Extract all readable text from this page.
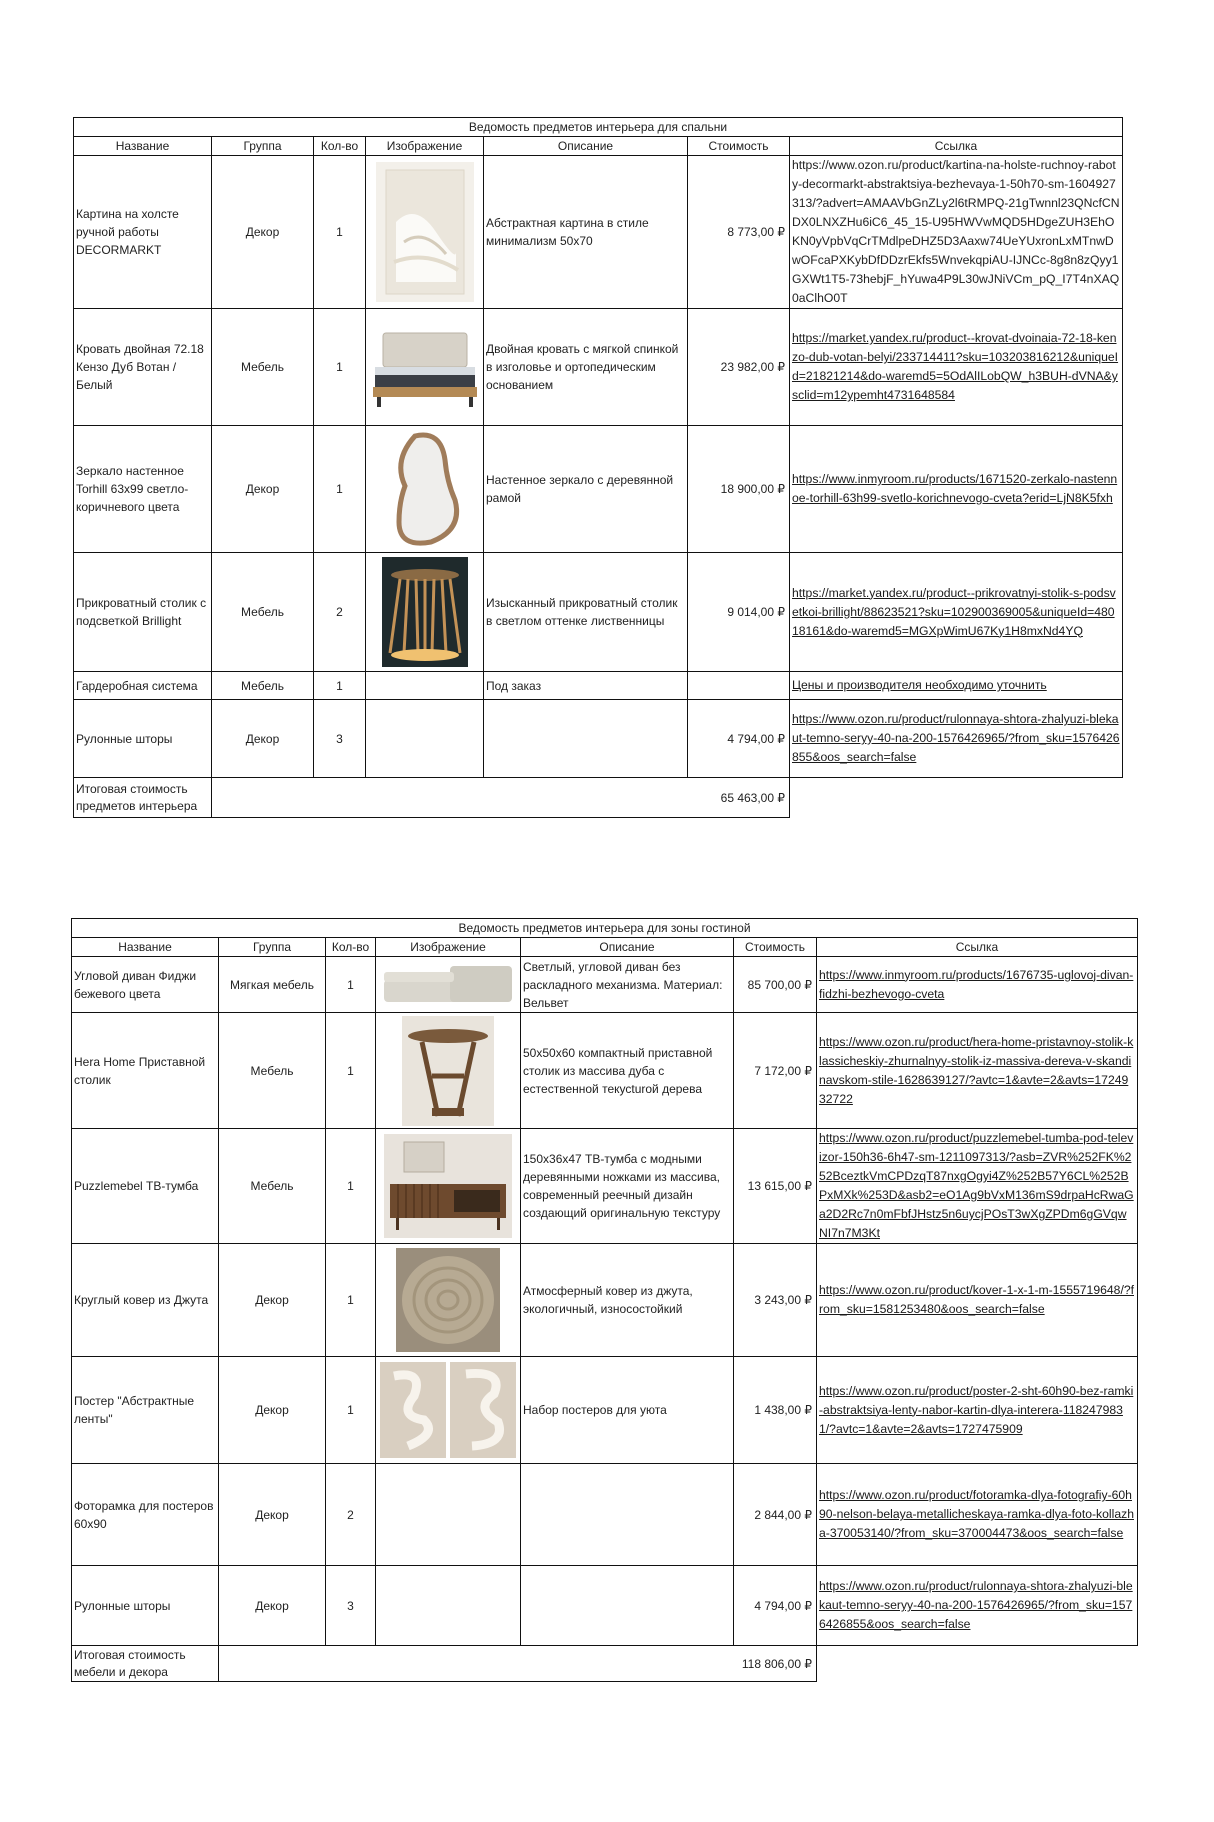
Ведомость предметов интерьера для спальни						
Название	Группа	Кол-во	Изображение	Описание	Стоимость	Ссылка
Картина на холсте ручной работы DECORMARKT	Декор	1		Абстрактная картина в стиле минимализм 50x70	8 773,00 ₽	https://www.ozon.ru/product/kartina-na-holste-ruchnoy-raboty-decormarkt-abstraktsiya-bezhevaya-1-50h70-sm-1604927313/?advert=AMAAVbGnZLy2l6tRMPQ-21gTwnnl23QNcfCNDX0LNXZHu6iC6_45_15-U95HWVwMQD5HDgeZUH3EhOKN0yVpbVqCrTMdlpeDHZ5D3Aaxw74UeYUxronLxMTnwDwOFcaPXKybDfDDzrEkfs5WnvekqpiAU-IJNCc-8g8n8zQyy1GXWt1T5-73hebjF_hYuwa4P9L30wJNiVCm_pQ_I7T4nXAQ0aClhO0T
Кровать двойная 72.18 Кензо Дуб Вотан / Белый	Мебель	1		Двойная кровать с мягкой спинкой в изголовье и ортопедическим основанием	23 982,00 ₽	https://market.yandex.ru/product--krovat-dvoinaia-72-18-kenzo-dub-votan-belyi/233714411?sku=103203816212&uniqueId=21821214&do-waremd5=5OdAlILobQW_h3BUH-dVNA&ysclid=m12ypemht4731648584
Зеркало настенное Torhill 63x99 светло-коричневого цвета	Декор	1		Настенное зеркало с деревянной рамой	18 900,00 ₽	https://www.inmyroom.ru/products/1671520-zerkalo-nastennoe-torhill-63h99-svetlo-korichnevogo-cveta?erid=LjN8K5fxh
Прикроватный столик с подсветкой Brillight	Мебель	2		Изысканный прикроватный столик в светлом оттенке лиственницы	9 014,00 ₽	https://market.yandex.ru/product--prikrovatnyi-stolik-s-podsvetkoi-brillight/88623521?sku=102900369005&uniqueId=48018161&do-waremd5=MGXpWimU67Ky1H8mxNd4YQ
Гардеробная система	Мебель	1		Под заказ		Цены и производителя необходимо уточнить
Рулонные шторы	Декор	3			4 794,00 ₽	https://www.ozon.ru/product/rulonnaya-shtora-zhalyuzi-blekaut-temno-seryy-40-na-200-1576426965/?from_sku=1576426855&oos_search=false
Итоговая стоимость предметов интерьера	65 463,00 ₽					
Ведомость предметов интерьера для зоны гостиной						
Название	Группа	Кол-во	Изображение	Описание	Стоимость	Ссылка
Угловой диван Фиджи бежевого цвета	Мягкая мебель	1		Светлый, угловой диван без раскладного механизма. Материал: Вельвет	85 700,00 ₽	https://www.inmyroom.ru/products/1676735-uglovoj-divan-fidzhi-bezhevogo-cveta
Hera Home Приставной столик	Мебель	1		50x50x60 компактный приставной столик из массива дуба с естественной текусturой дерева	7 172,00 ₽	https://www.ozon.ru/product/hera-home-pristavnoy-stolik-klassicheskiy-zhurnalnyy-stolik-iz-massiva-dereva-v-skandinavskom-stile-1628639127/?avtc=1&avte=2&avts=1724932722
Puzzlemebel ТВ-тумба	Мебель	1		150x36x47 ТВ-тумба с модными деревянными ножками из массива, современный реечный дизайн создающий оригинальную текстуру	13 615,00 ₽	https://www.ozon.ru/product/puzzlemebel-tumba-pod-televizor-150h36-6h47-sm-1211097313/?asb=ZVR%252FK%252BceztkVmCPDzqT87nxgOgyi4Z%252B57Y6CL%252BPxMXk%253D&asb2=eO1Ag9bVxM136mS9drpaHcRwaGa2D2Rc7n0mFbfJHstz5n6uycjPOsT3wXgZPDm6gGVqwNI7n7M3Kt
Круглый ковер из Джута	Декор	1		Атмосферный ковер из джута, экологичный, износостойкий	3 243,00 ₽	https://www.ozon.ru/product/kover-1-x-1-m-1555719648/?from_sku=1581253480&oos_search=false
Постер "Абстрактные ленты"	Декор	1		Набор постеров для уюта	1 438,00 ₽	https://www.ozon.ru/product/poster-2-sht-60h90-bez-ramki-abstraktsiya-lenty-nabor-kartin-dlya-interera-1182479831/?avtc=1&avte=2&avts=1727475909
Фоторамка для постеров 60x90	Декор	2			2 844,00 ₽	https://www.ozon.ru/product/fotoramka-dlya-fotografiy-60h90-nelson-belaya-metallicheskaya-ramka-dlya-foto-kollazha-370053140/?from_sku=370004473&oos_search=false
Рулонные шторы	Декор	3			4 794,00 ₽	https://www.ozon.ru/product/rulonnaya-shtora-zhalyuzi-blekaut-temno-seryy-40-na-200-1576426965/?from_sku=1576426855&oos_search=false
Итоговая стоимость мебели и декора	118 806,00 ₽					
